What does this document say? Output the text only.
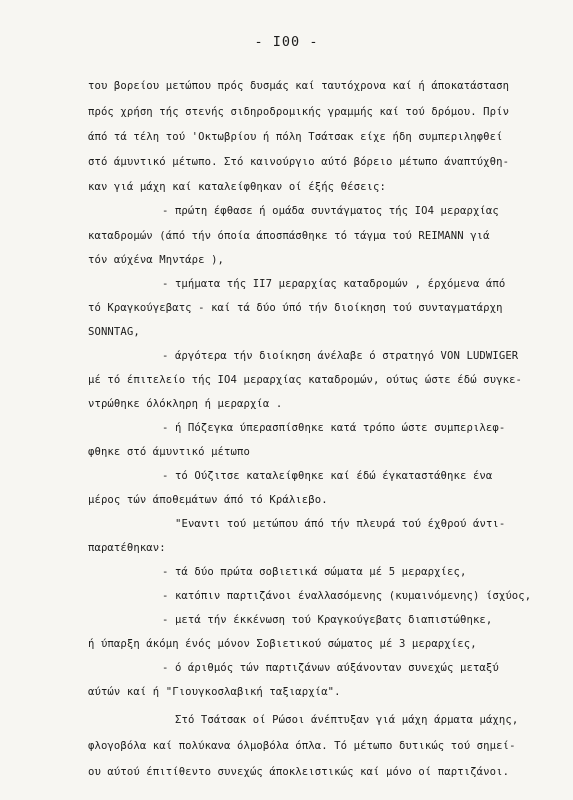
- I00 -
του βορείου μετώπου πρός δυσμάς καί ταυτόχρονα καί ή άποκατάσταση
πρός χρήση τής στενής σιδηροδρομικής γραμμής καί τού δρόμου. Πρίν
άπό τά τέλη τού 'Οκτωβρίου ή πόλη Τσάτσακ είχε ήδη συμπεριληφθεί
στό άμυντικό μέτωπο. Στό καινούργιο αύτό βόρειο μέτωπο άναπτύχθη-
καν γιά μάχη καί καταλείφθηκαν οί έξής θέσεις:
- πρώτη έφθασε ή ομάδα συντάγματος τής IO4 μεραρχίας
καταδρομών (άπό τήν όποία άποσπάσθηκε τό τάγμα τού REIMANN γιά
τόν αύχένα Μηντάρε ),
- τμήματα τής II7 μεραρχίας καταδρομών , έρχόμενα άπό
τό Κραγκούγεβατς - καί τά δύο ύπό τήν διοίκηση τού συνταγματάρχη
SONNTAG,
- άργότερα τήν διοίκηση άνέλαβε ό στρατηγό VON LUDWIGER
μέ τό έπιτελείο τής IO4 μεραρχίας καταδρομών, ούτως ώστε έδώ συγκε-
ντρώθηκε όλόκληρη ή μεραρχία .
- ή Πόζεγκα ύπερασπίσθηκε κατά τρόπο ώστε συμπεριλεφ-
φθηκε στό άμυντικό μέτωπο
- τό Ούζιτσε καταλείφθηκε καί έδώ έγκαταστάθηκε ένα
μέρος τών άποθεμάτων άπό τό Κράλιεβο.
"Εναντι τού μετώπου άπό τήν πλευρά τού έχθρού άντι-
παρατέθηκαν:
- τά δύο πρώτα σοβιετικά σώματα μέ 5 μεραρχίες,
- κατόπιν παρτιζάνοι έναλλασόμενης (κυμαινόμενης) ίσχύος,
- μετά τήν έκκένωση τού Κραγκούγεβατς διαπιστώθηκε,
ή ύπαρξη άκόμη ένός μόνον Σοβιετικού σώματος μέ 3 μεραρχίες,
- ό άριθμός τών παρτιζάνων αύξάνονταν συνεχώς μεταξύ
αύτών καί ή "Γιουγκοσλαβική ταξιαρχία".
Στό Τσάτσακ οί Ρώσοι άνέπτυξαν γιά μάχη άρματα μάχης,
φλογοβόλα καί πολύκανα όλμοβόλα όπλα. Τό μέτωπο δυτικώς τού σημεί-
ου αύτού έπιτίθεντο συνεχώς άποκλειστικώς καί μόνο οί παρτιζάνοι.
